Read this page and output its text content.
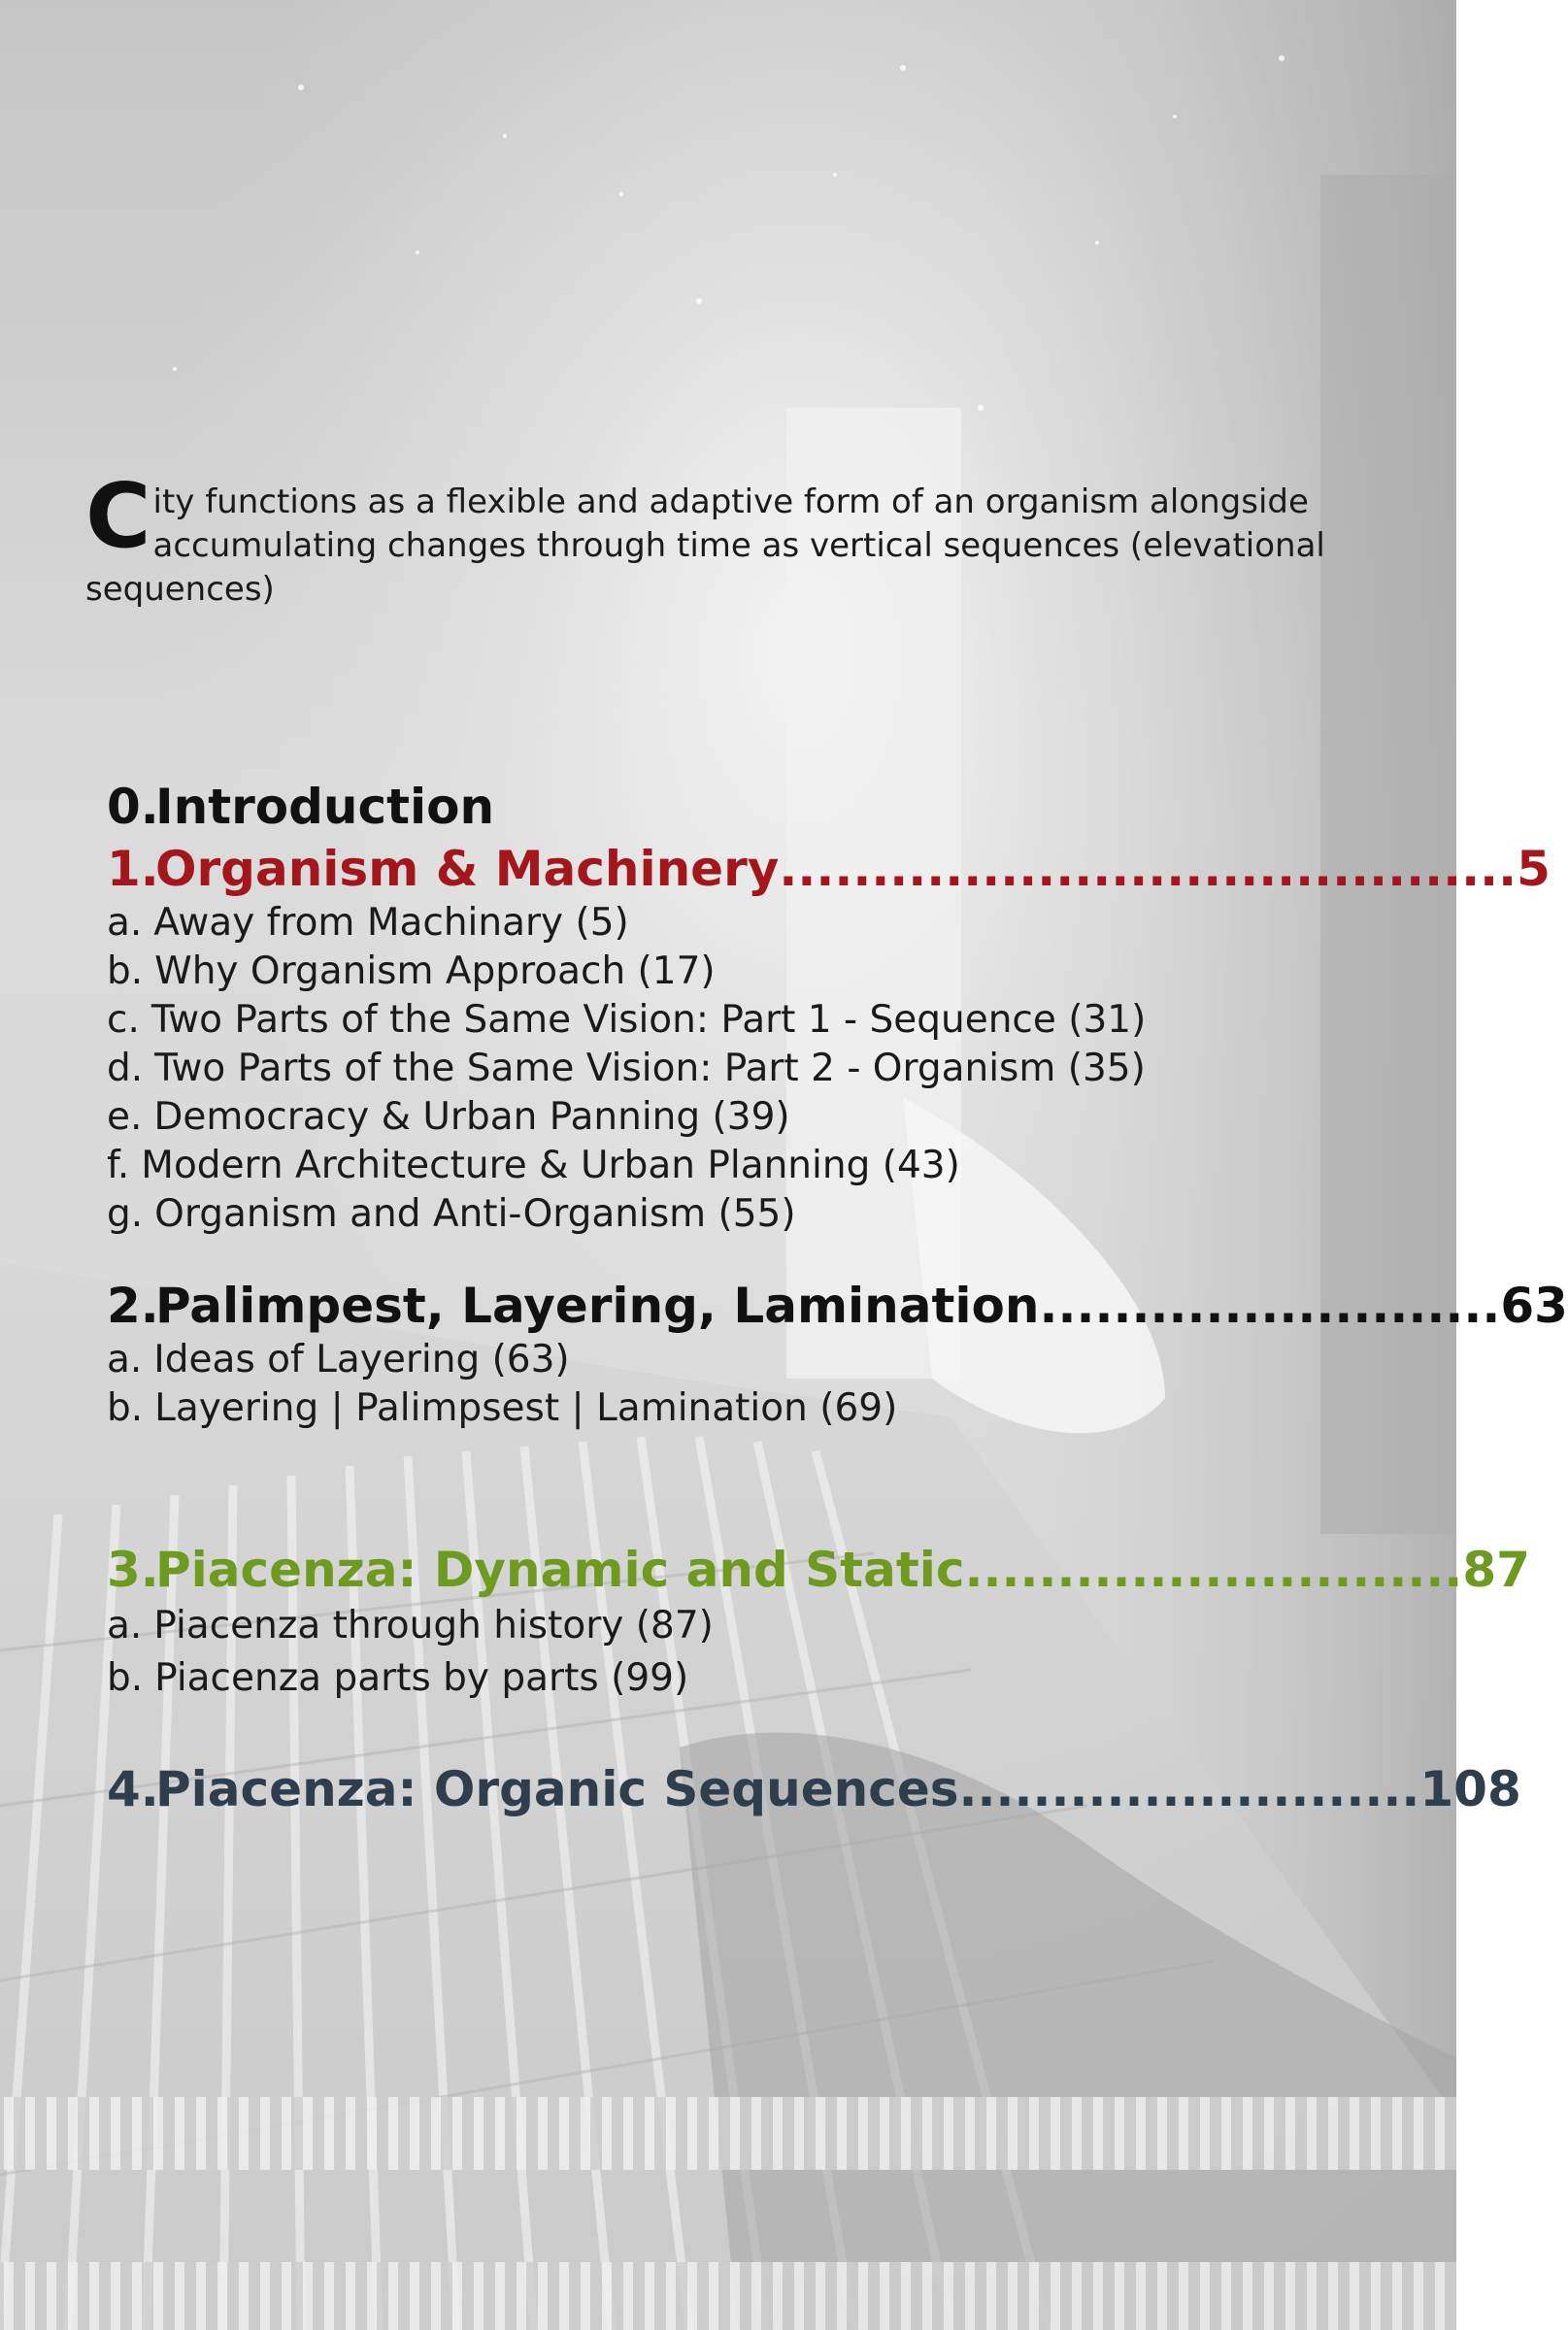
City functions as a flexible and adaptive form of an organism alongside accumulating changes through time as vertical sequences (elevational sequences)
0.
Introduction
1.
Organism & Machinery ........................................ 5
a. Away from Machinary (5)
b. Why Organism Approach (17)
c. Two Parts of the Same Vision: Part 1 - Sequence (31)
d. Two Parts of the Same Vision: Part 2 - Organism (35)
e. Democracy & Urban Panning (39)
f. Modern Architecture & Urban Planning (43)
g. Organism and Anti-Organism (55)
2.
Palimpest, Layering, Lamination ......................... 63
a. Ideas of Layering (63)
b. Layering | Palimpsest | Lamination (69)
3.
Piacenza: Dynamic and Static ........................... 87
a. Piacenza through history (87)
b. Piacenza parts by parts (99)
4.
Piacenza: Organic Sequences ......................... 108
